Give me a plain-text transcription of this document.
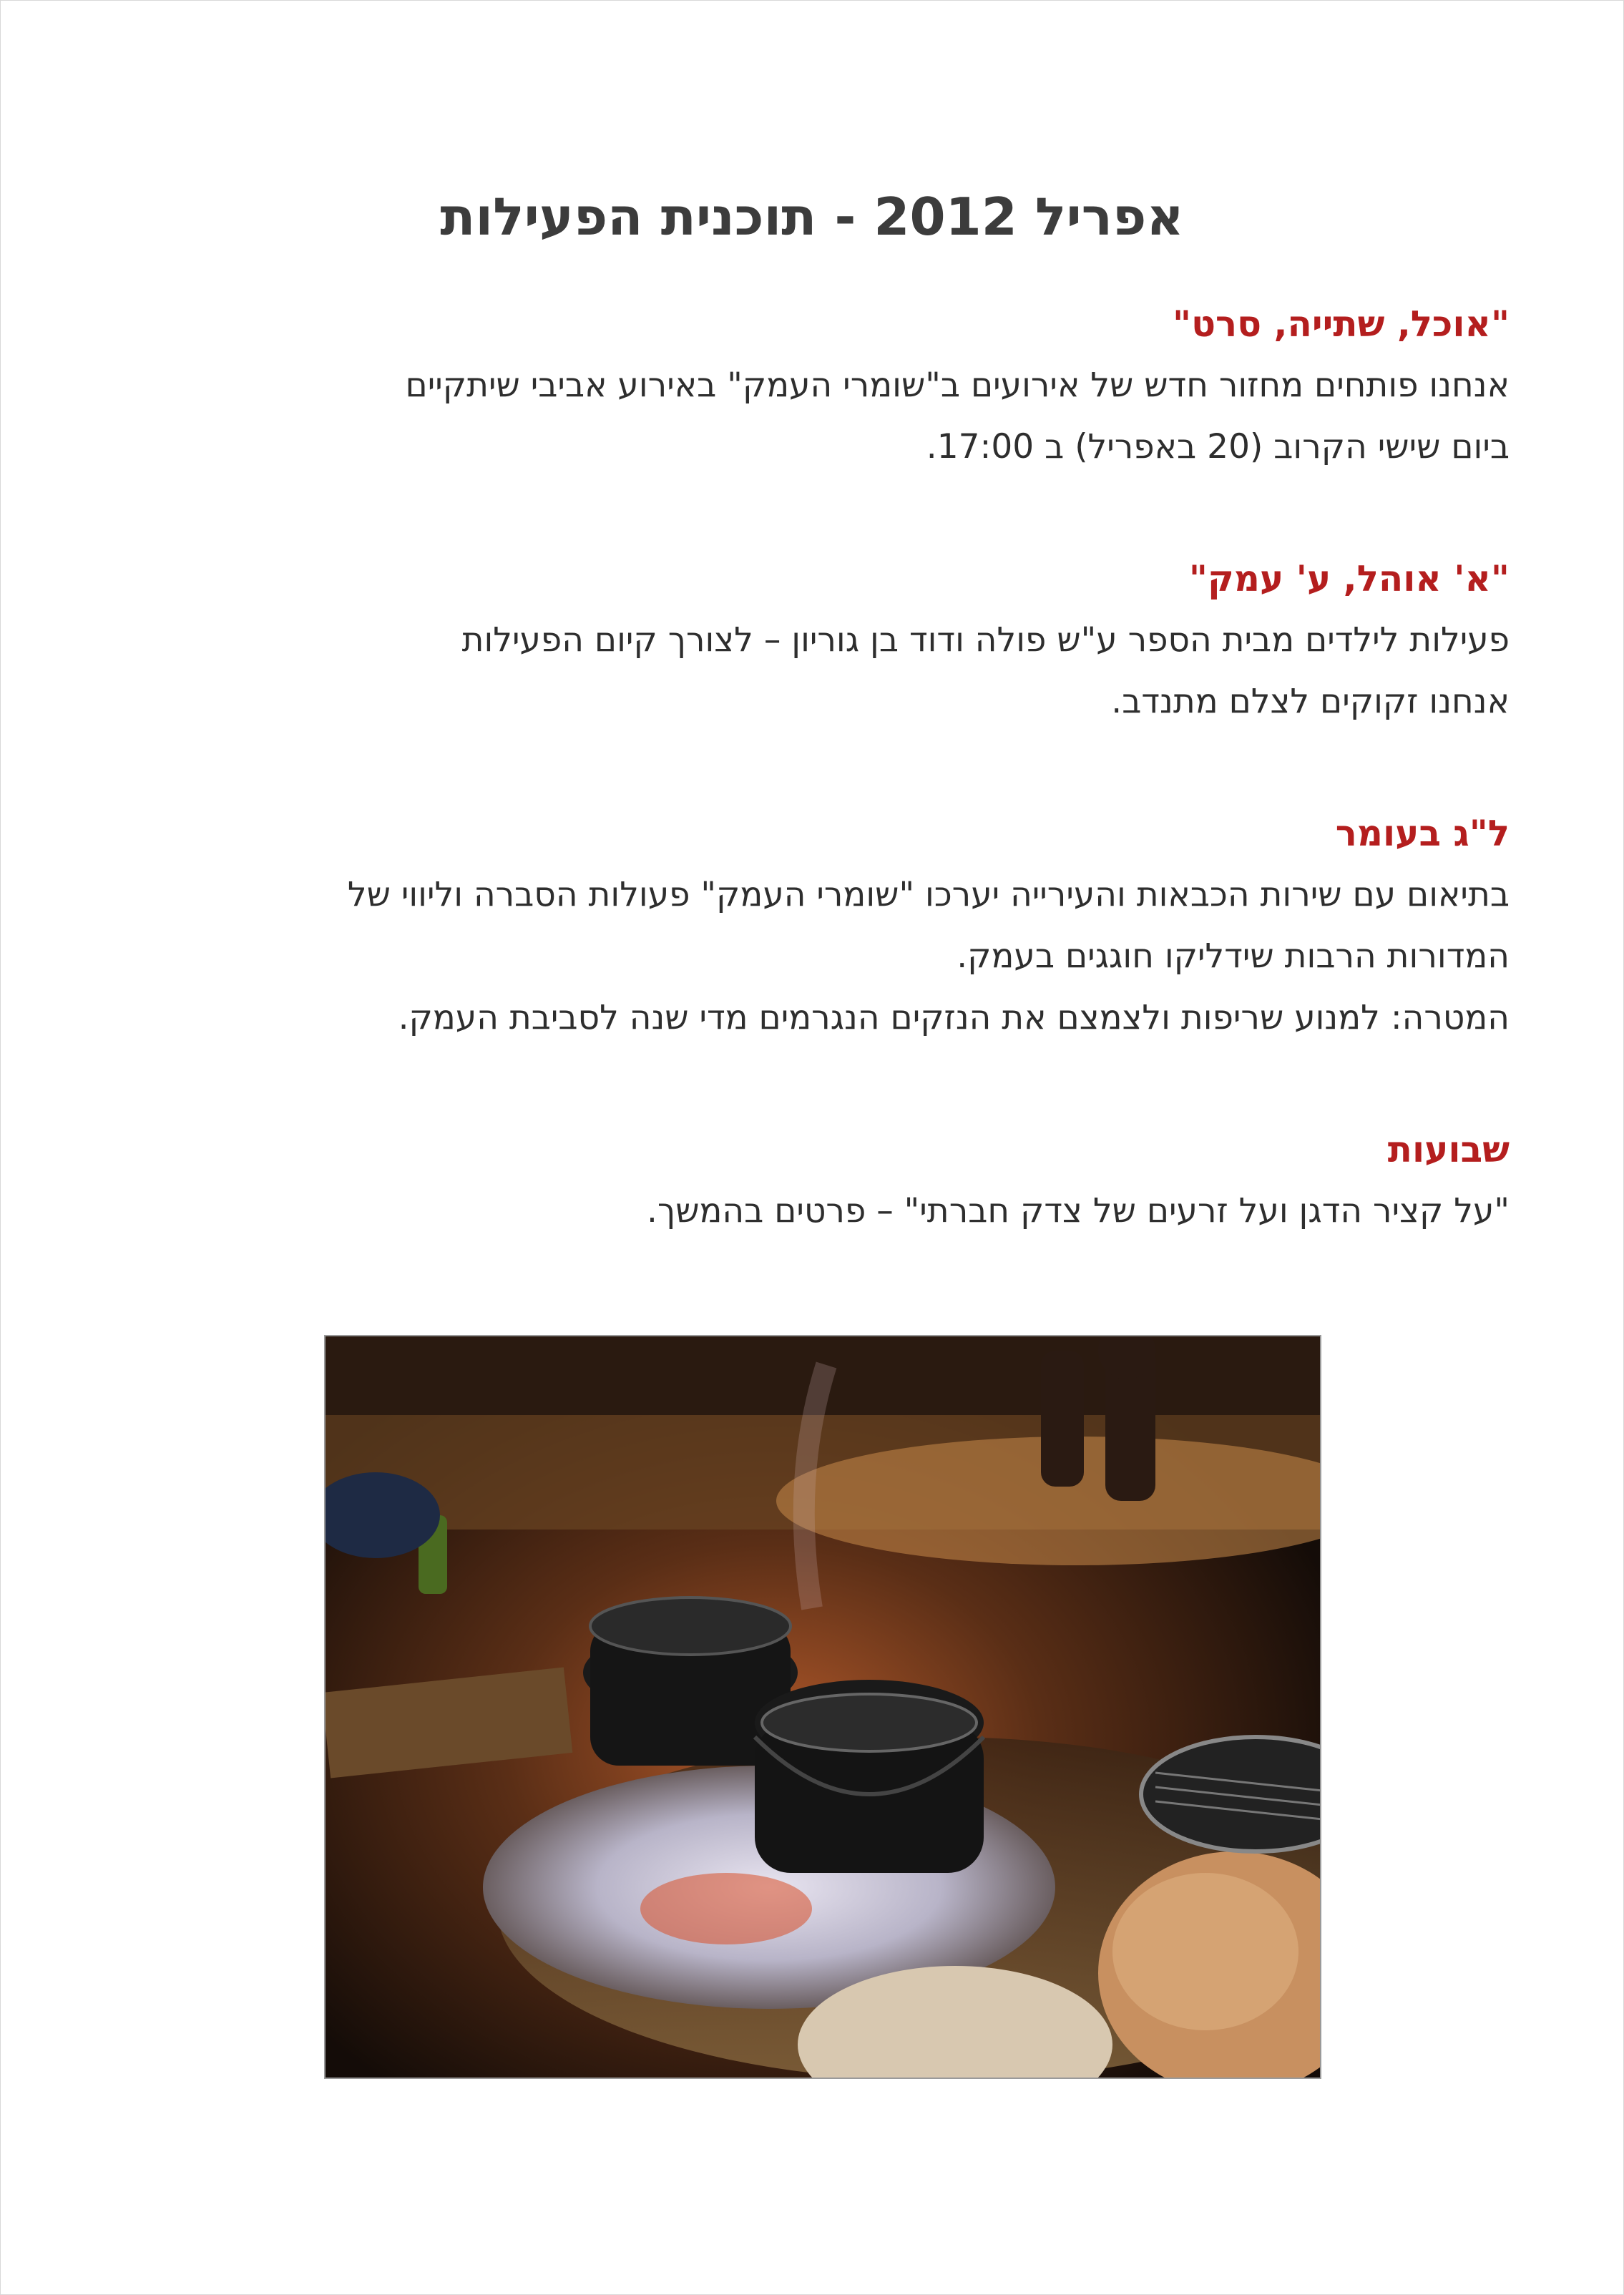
אפריל 2012 - תוכנית הפעילות

"אוכל, שתייה, סרט"

אנחנו פותחים מחזור חדש של אירועים ב"שומרי העמק" באירוע אביבי שיתקיים

ביום שישי הקרוב (20 באפריל) ב 17:00.

"א' אוהל, ע' עמק"

פעילות לילדים מבית הספר ע"ש פולה ודוד בן גוריון – לצורך קיום הפעילות

אנחנו זקוקים לצלם מתנדב.

ל"ג בעומר

בתיאום עם שירות הכבאות והעירייה יערכו "שומרי העמק" פעולות הסברה וליווי של

המדורות הרבות שידליקו חוגגים בעמק.

המטרה: למנוע שריפות ולצמצם את הנזקים הנגרמים מדי שנה לסביבת העמק.

שבועות

"על קציר הדגן ועל זרעים של צדק חברתי" – פרטים בהמשך.
